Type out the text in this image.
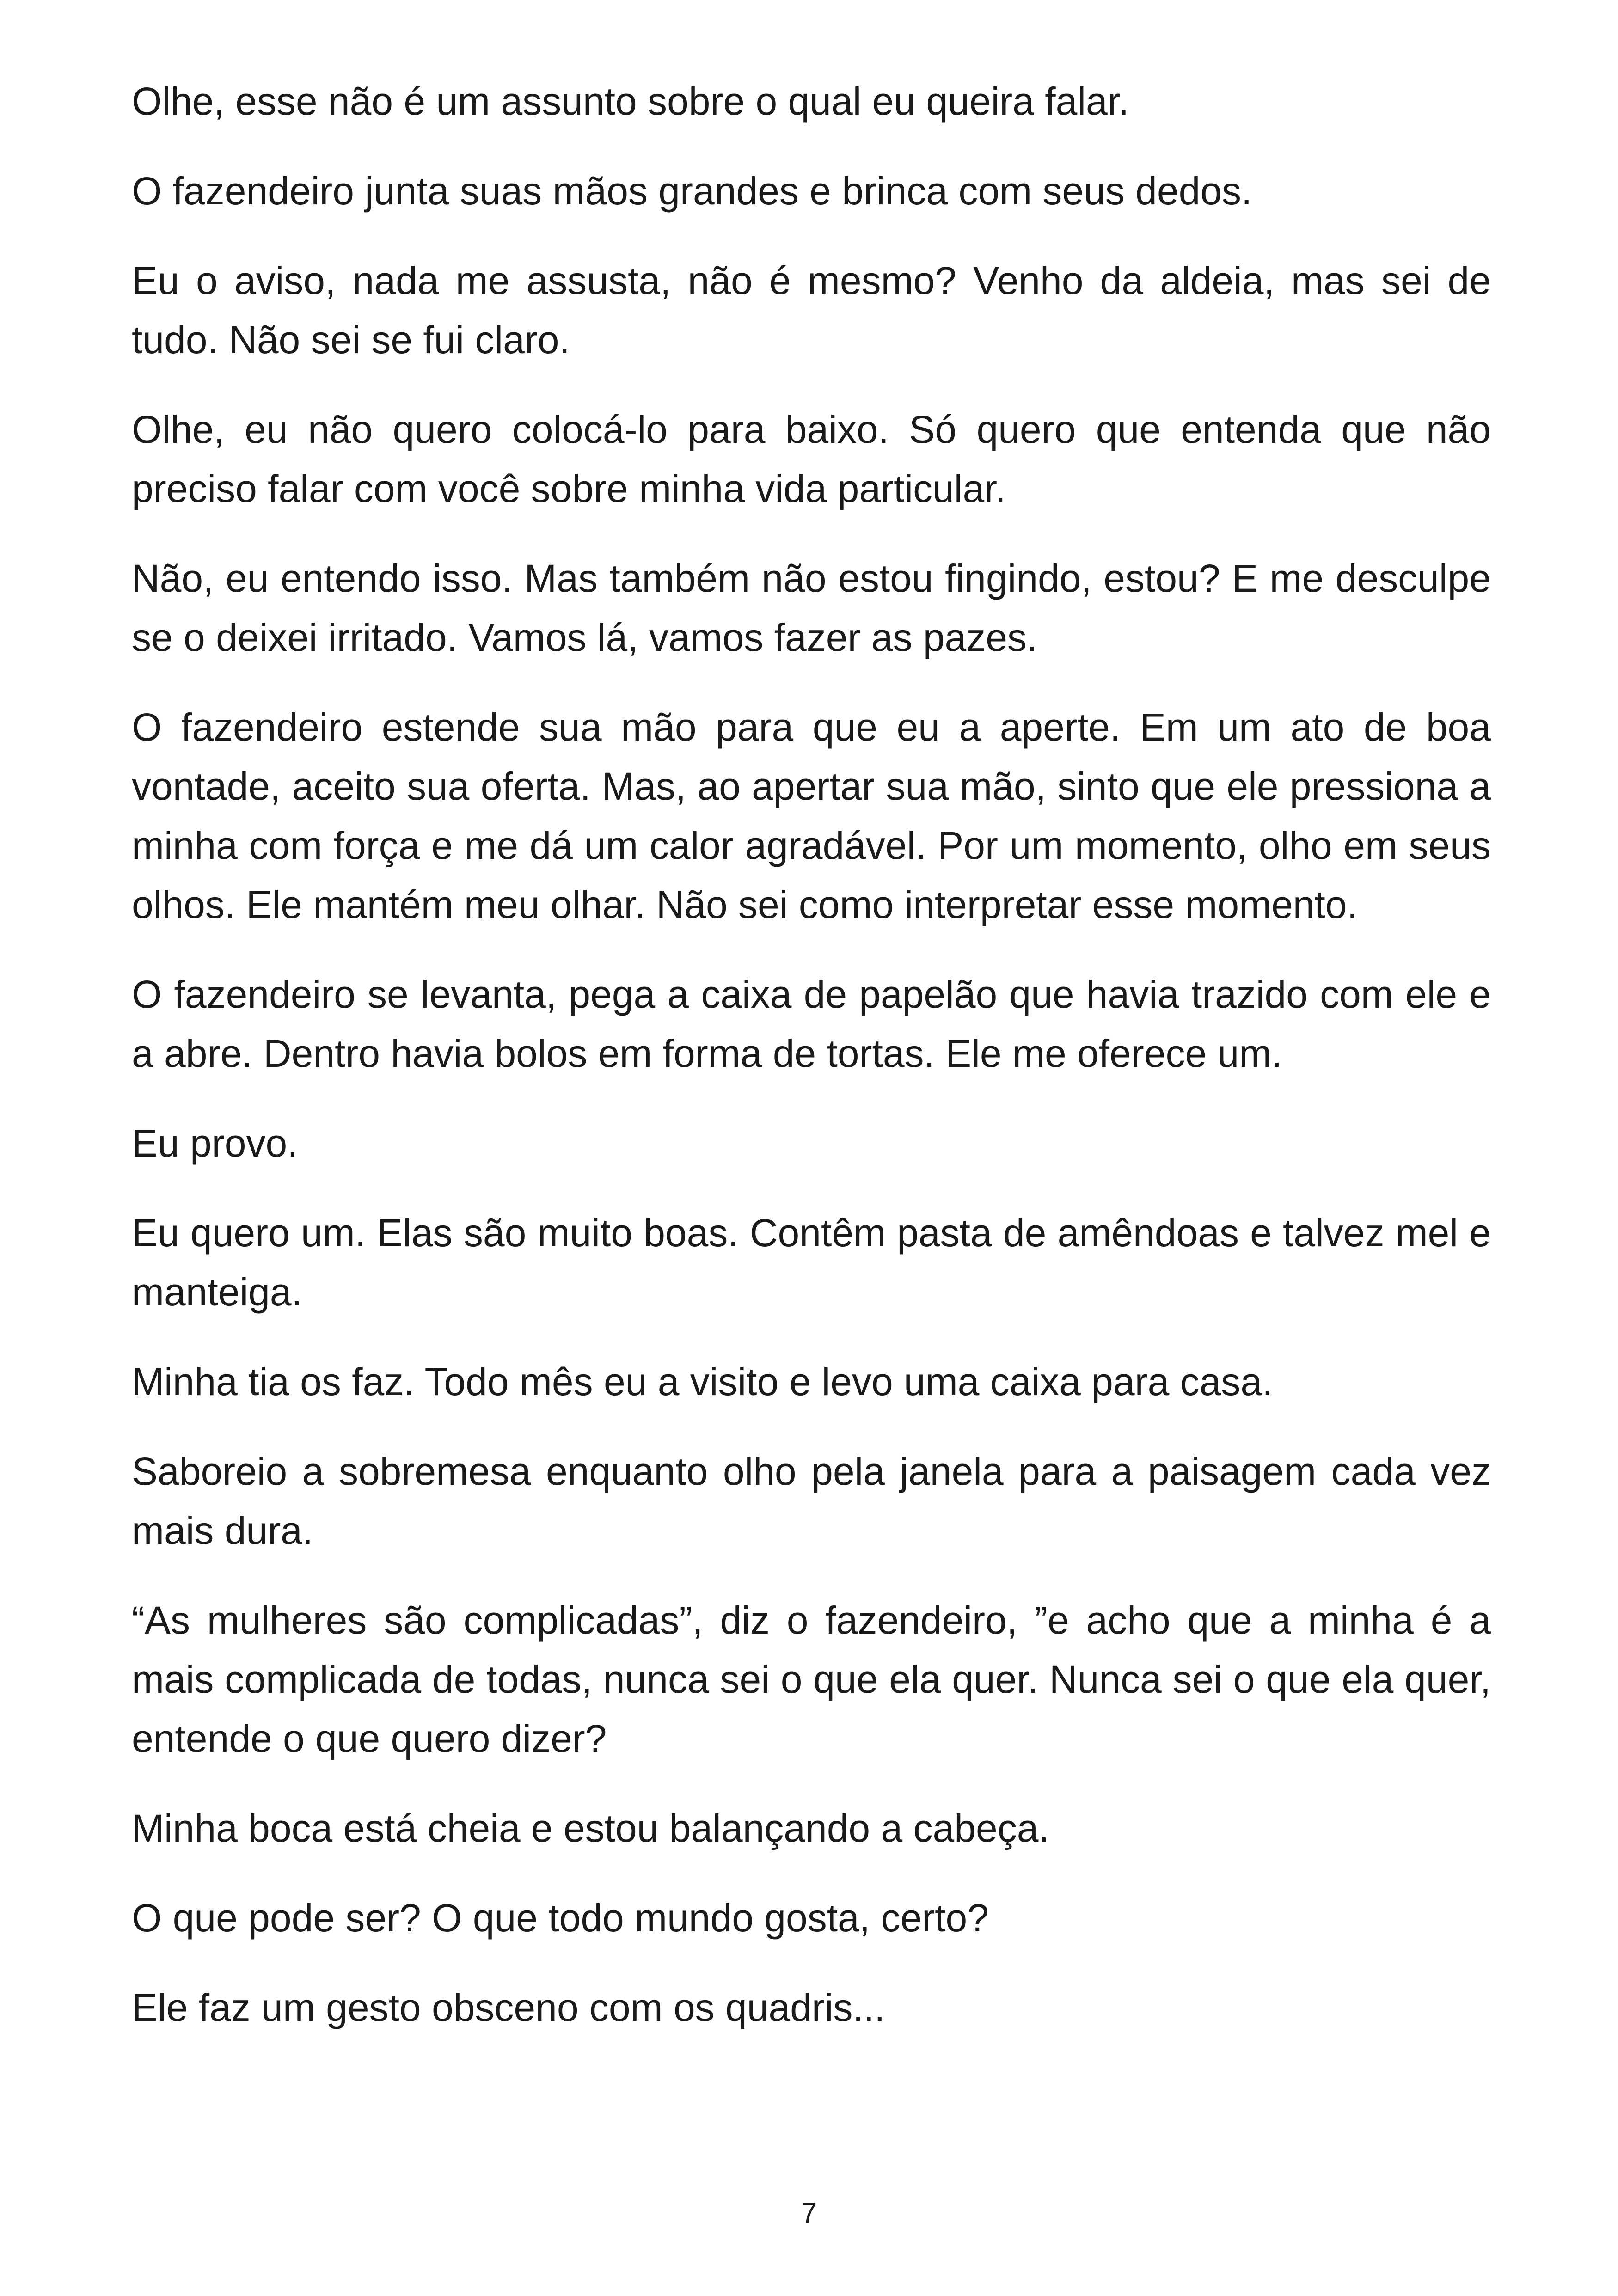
Olhe, esse não é um assunto sobre o qual eu queira falar.

O fazendeiro junta suas mãos grandes e brinca com seus dedos.

Eu o aviso, nada me assusta, não é mesmo? Venho da aldeia, mas sei de tudo. Não sei se fui claro.

Olhe, eu não quero colocá-lo para baixo. Só quero que entenda que não preciso falar com você sobre minha vida particular.

Não, eu entendo isso. Mas também não estou fingindo, estou? E me desculpe se o deixei irritado. Vamos lá, vamos fazer as pazes.

O fazendeiro estende sua mão para que eu a aperte. Em um ato de boa vontade, aceito sua oferta. Mas, ao apertar sua mão, sinto que ele pressiona a minha com força e me dá um calor agradável. Por um momento, olho em seus olhos. Ele mantém meu olhar. Não sei como interpretar esse momento.

O fazendeiro se levanta, pega a caixa de papelão que havia trazido com ele e a abre. Dentro havia bolos em forma de tortas. Ele me oferece um.

Eu provo.

Eu quero um. Elas são muito boas. Contêm pasta de amêndoas e talvez mel e manteiga.

Minha tia os faz. Todo mês eu a visito e levo uma caixa para casa.

Saboreio a sobremesa enquanto olho pela janela para a paisagem cada vez mais dura.

“As mulheres são complicadas”, diz o fazendeiro, ”e acho que a minha é a mais complicada de todas, nunca sei o que ela quer. Nunca sei o que ela quer, entende o que quero dizer?

Minha boca está cheia e estou balançando a cabeça.

O que pode ser? O que todo mundo gosta, certo?

Ele faz um gesto obsceno com os quadris...

7
